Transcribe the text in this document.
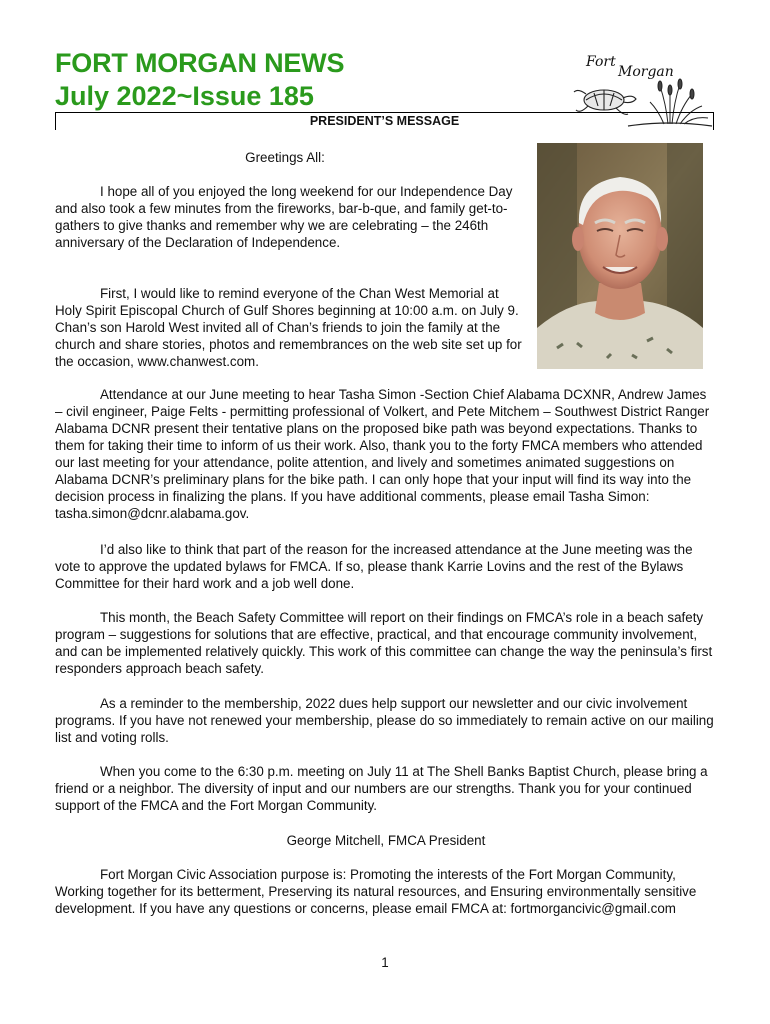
FORT MORGAN NEWS
July 2022~Issue 185
Fort
Morgan
PRESIDENT’S MESSAGE
Greetings All:
I hope all of you enjoyed the long weekend for our Independence Day and also took a few minutes from the fireworks, bar-b-que, and family get-to-gathers to give thanks and remember why we are celebrating – the 246th anniversary of the Declaration of Independence.
First, I would like to remind everyone of the Chan West Memorial at Holy Spirit Episcopal Church of Gulf Shores beginning at 10:00 a.m. on July 9. Chan’s son Harold West invited all of Chan’s friends to join the family at the church and share stories, photos and remembrances on the web site set up for the occasion, www.chanwest.com.
Attendance at our June meeting to hear Tasha Simon -Section Chief Alabama DCXNR, Andrew James – civil engineer, Paige Felts - permitting professional of Volkert, and Pete Mitchem – Southwest District Ranger Alabama DCNR present their tentative plans on the proposed bike path was beyond expectations. Thanks to them for taking their time to inform of us their work. Also, thank you to the forty FMCA members who attended our last meeting for your attendance, polite attention, and lively and sometimes animated suggestions on Alabama DCNR’s preliminary plans for the bike path. I can only hope that your input will find its way into the decision process in finalizing the plans. If you have additional comments, please email Tasha Simon: tasha.simon@dcnr.alabama.gov.
I’d also like to think that part of the reason for the increased attendance at the June meeting was the vote to approve the updated bylaws for FMCA. If so, please thank Karrie Lovins and the rest of the Bylaws Committee for their hard work and a job well done.
This month, the Beach Safety Committee will report on their findings on FMCA’s role in a beach safety program – suggestions for solutions that are effective, practical, and that encourage community involvement, and can be implemented relatively quickly. This work of this committee can change the way the peninsula’s first responders approach beach safety.
As a reminder to the membership, 2022 dues help support our newsletter and our civic involvement programs. If you have not renewed your membership, please do so immediately to remain active on our mailing list and voting rolls.
When you come to the 6:30 p.m. meeting on July 11 at The Shell Banks Baptist Church, please bring a friend or a neighbor. The diversity of input and our numbers are our strengths. Thank you for your continued support of the FMCA and the Fort Morgan Community.
George Mitchell, FMCA President
Fort Morgan Civic Association purpose is: Promoting the interests of the Fort Morgan Community, Working together for its betterment, Preserving its natural resources, and Ensuring environmentally sensitive development. If you have any questions or concerns, please email FMCA at: fortmorgancivic@gmail.com
1
